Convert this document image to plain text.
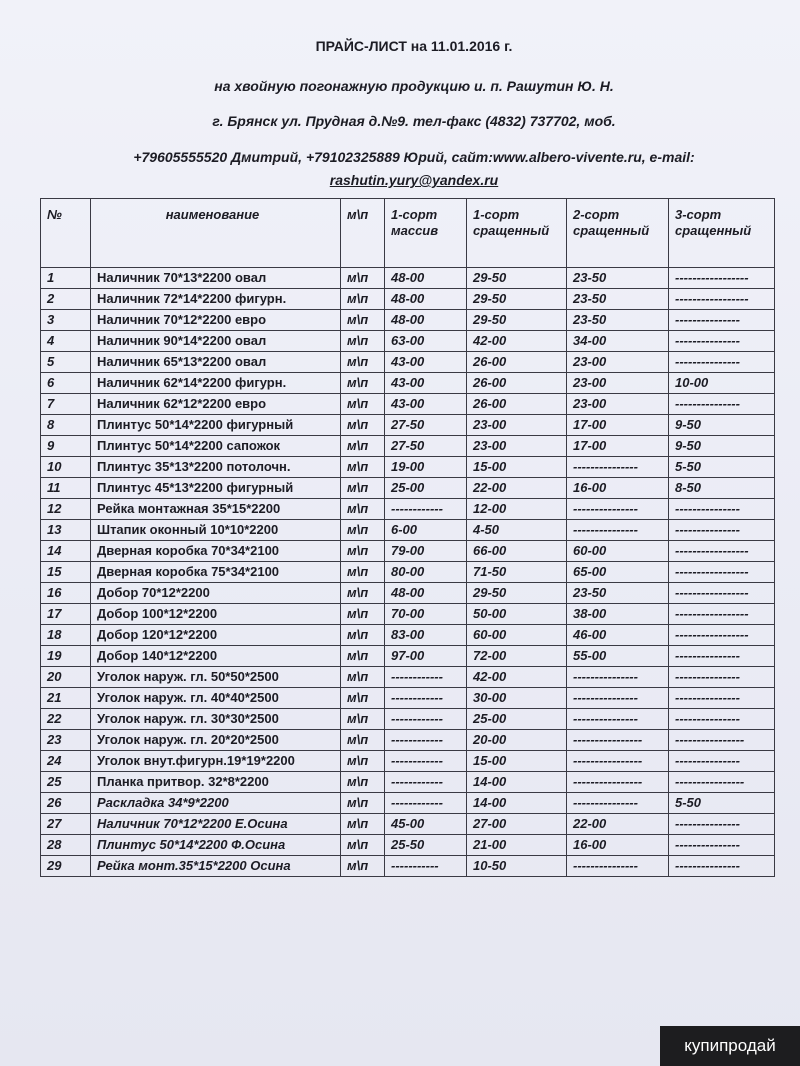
ПРАЙС-ЛИСТ на 11.01.2016 г.
на хвойную погонажную продукцию и. п. Рашутин Ю. Н.
г. Брянск ул. Прудная д.№9. тел-факс (4832) 737702, моб.
+79605555520 Дмитрий, +79102325889 Юрий, сайт:www.albero-vivente.ru, e-mail:
rashutin.yury@yandex.ru
№	наименование	м\п	1-сорт массив	1-сорт сращенный	2-сорт сращенный	3-сорт сращенный
1	Наличник 70*13*2200 овал	м\п	48-00	29-50	23-50	-----------------
2	Наличник 72*14*2200 фигурн.	м\п	48-00	29-50	23-50	-----------------
3	Наличник 70*12*2200 евро	м\п	48-00	29-50	23-50	---------------
4	Наличник 90*14*2200 овал	м\п	63-00	42-00	34-00	---------------
5	Наличник 65*13*2200 овал	м\п	43-00	26-00	23-00	---------------
6	Наличник 62*14*2200 фигурн.	м\п	43-00	26-00	23-00	10-00
7	Наличник 62*12*2200 евро	м\п	43-00	26-00	23-00	---------------
8	Плинтус 50*14*2200 фигурный	м\п	27-50	23-00	17-00	9-50
9	Плинтус 50*14*2200 сапожок	м\п	27-50	23-00	17-00	9-50
10	Плинтус 35*13*2200 потолочн.	м\п	19-00	15-00	---------------	5-50
11	Плинтус 45*13*2200 фигурный	м\п	25-00	22-00	16-00	8-50
12	Рейка монтажная 35*15*2200	м\п	------------	12-00	---------------	---------------
13	Штапик оконный 10*10*2200	м\п	6-00	4-50	---------------	---------------
14	Дверная коробка 70*34*2100	м\п	79-00	66-00	60-00	-----------------
15	Дверная коробка 75*34*2100	м\п	80-00	71-50	65-00	-----------------
16	Добор 70*12*2200	м\п	48-00	29-50	23-50	-----------------
17	Добор 100*12*2200	м\п	70-00	50-00	38-00	-----------------
18	Добор 120*12*2200	м\п	83-00	60-00	46-00	-----------------
19	Добор 140*12*2200	м\п	97-00	72-00	55-00	---------------
20	Уголок наруж. гл. 50*50*2500	м\п	------------	42-00	---------------	---------------
21	Уголок наруж. гл. 40*40*2500	м\п	------------	30-00	---------------	---------------
22	Уголок наруж. гл. 30*30*2500	м\п	------------	25-00	---------------	---------------
23	Уголок наруж. гл. 20*20*2500	м\п	------------	20-00	----------------	----------------
24	Уголок внут.фигурн.19*19*2200	м\п	------------	15-00	----------------	---------------
25	Планка притвор. 32*8*2200	м\п	------------	14-00	----------------	----------------
26	Раскладка 34*9*2200	м\п	------------	14-00	---------------	5-50
27	Наличник 70*12*2200 Е.Осина	м\п	45-00	27-00	22-00	---------------
28	Плинтус 50*14*2200 Ф.Осина	м\п	25-50	21-00	16-00	---------------
29	Рейка монт.35*15*2200 Осина	м\п	-----------	10-50	---------------	---------------
купипродай
